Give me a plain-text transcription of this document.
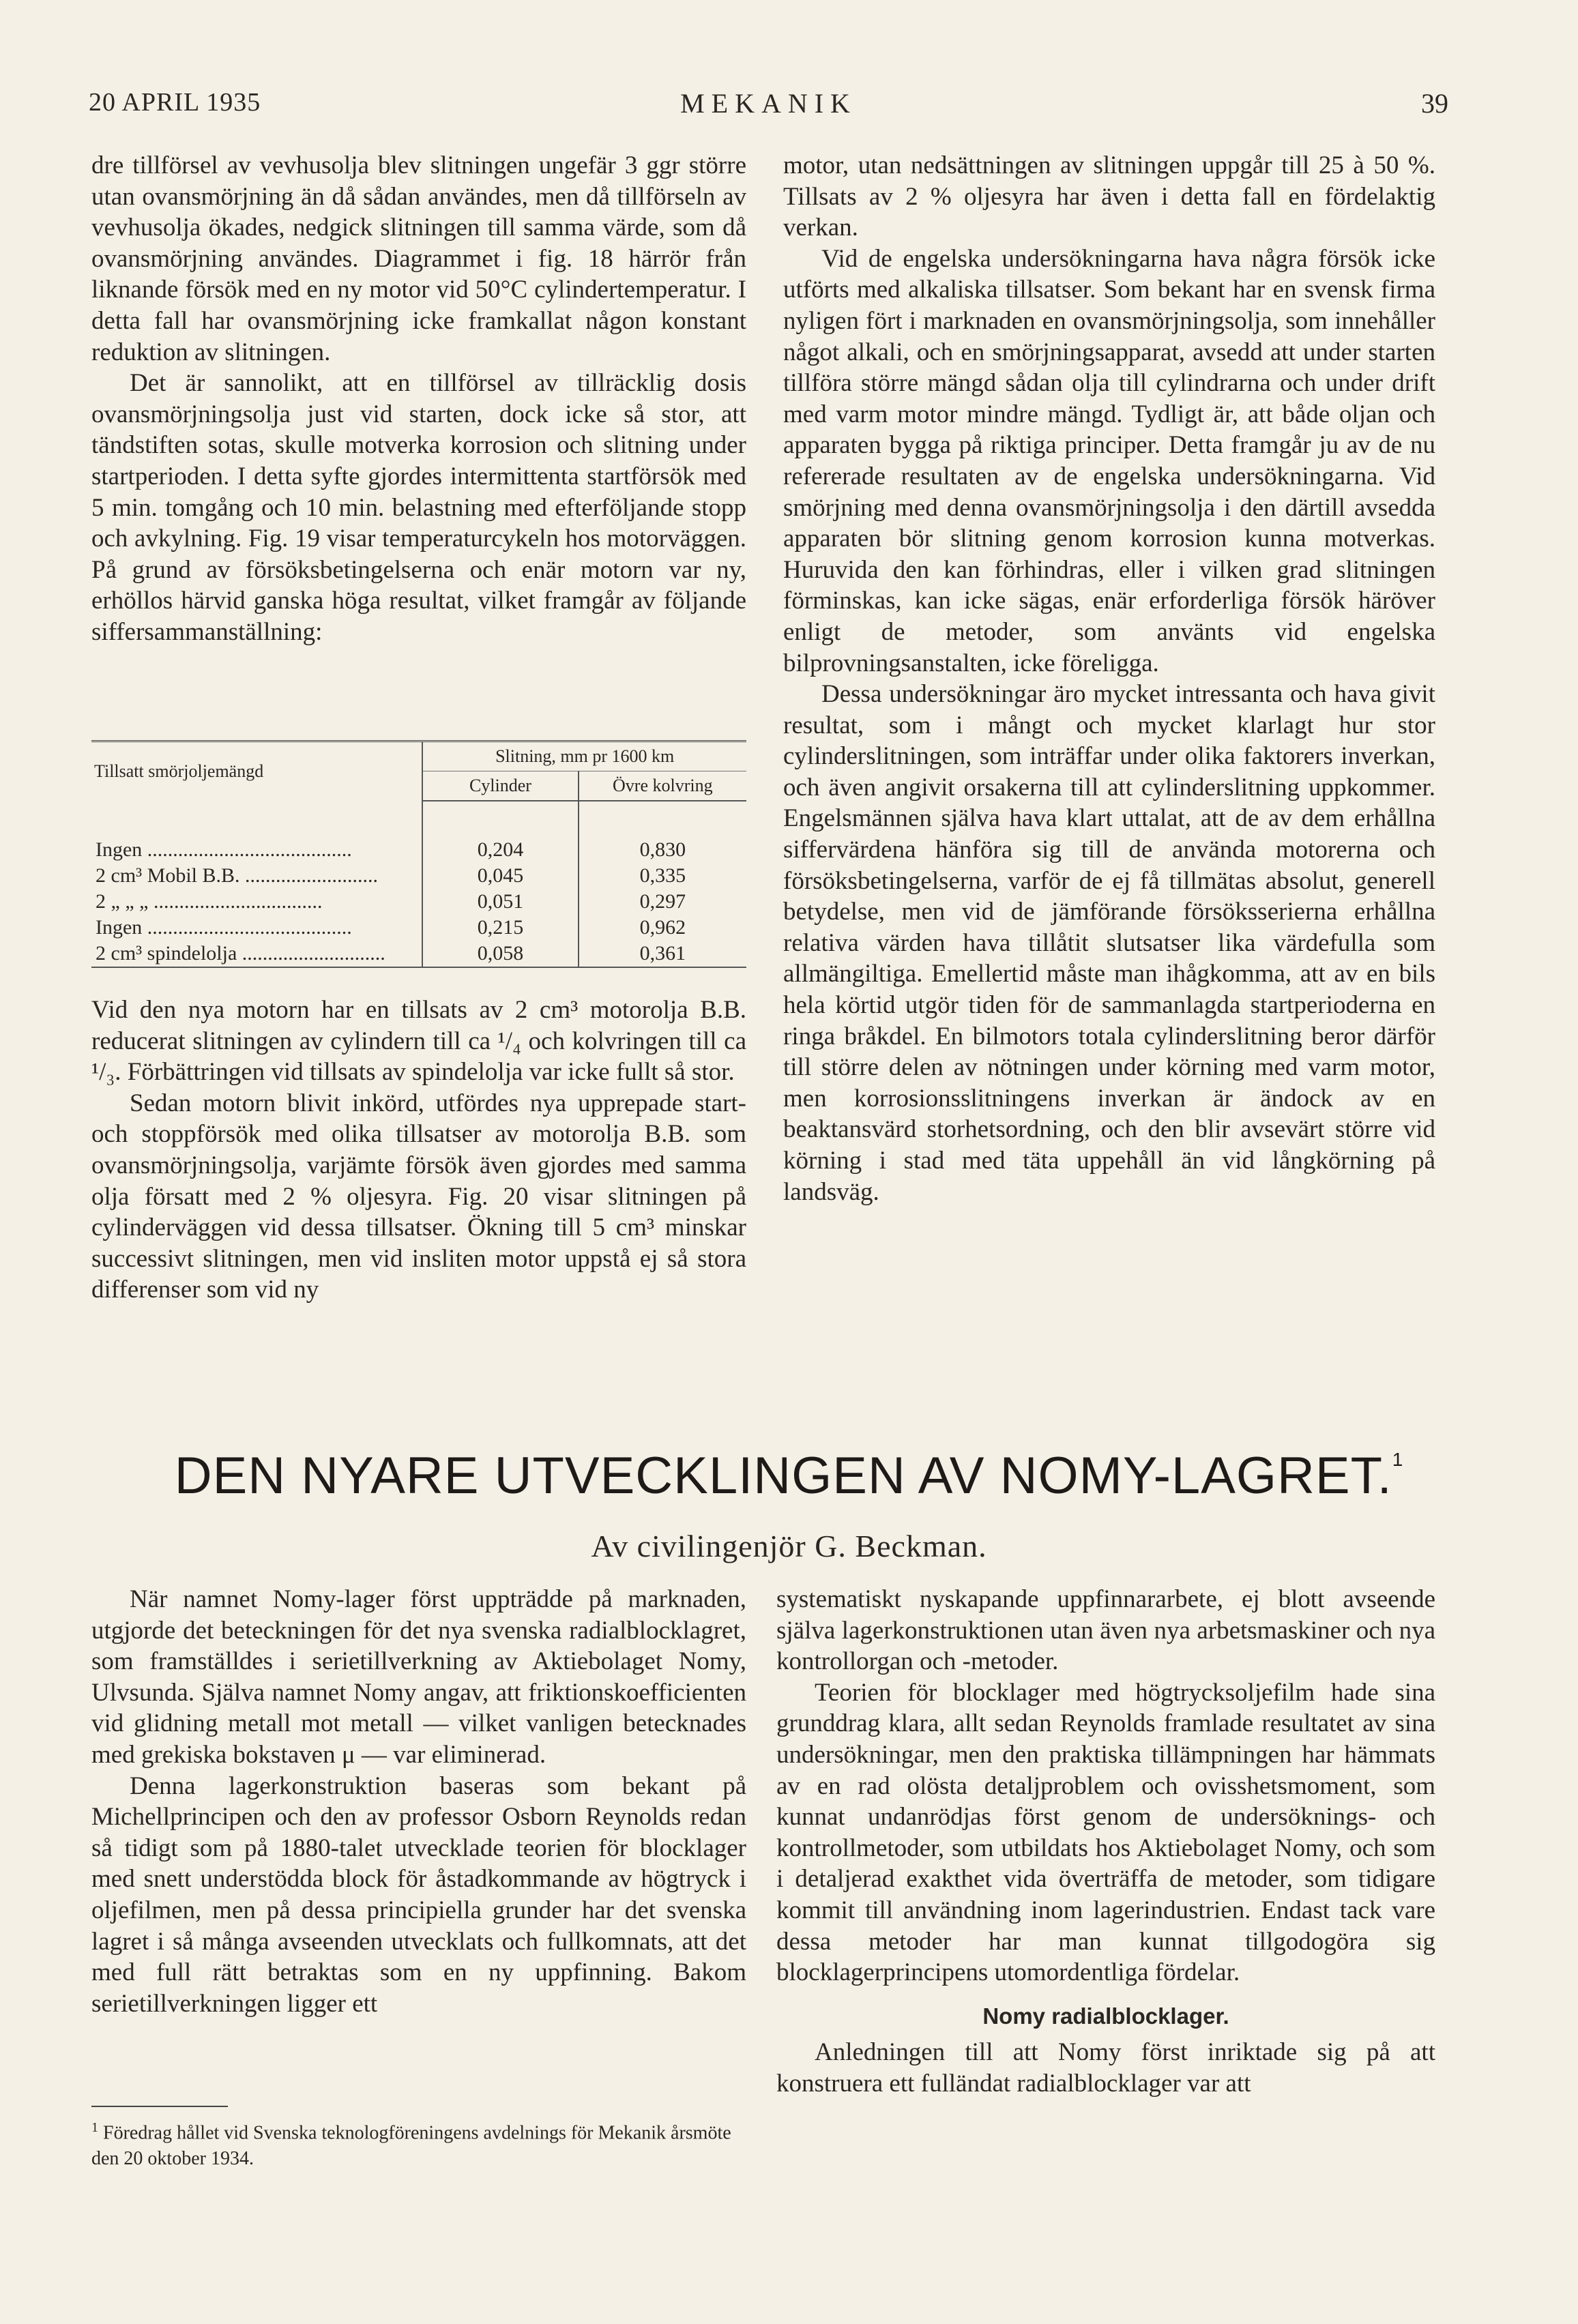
20 APRIL 1935	MEKANIK	39

dre tillförsel av vevhusolja blev slitningen ungefär 3 ggr större utan ovansmörjning än då sådan användes, men då tillförseln av vevhusolja ökades, nedgick slitningen till samma värde, som då ovansmörjning användes. Diagrammet i fig. 18 härrör från liknande försök med en ny motor vid 50°C cylindertemperatur. I detta fall har ovansmörjning icke framkallat någon konstant reduktion av slitningen.

Det är sannolikt, att en tillförsel av tillräcklig dosis ovansmörjningsolja just vid starten, dock icke så stor, att tändstiften sotas, skulle motverka korrosion och slitning under startperioden. I detta syfte gjordes intermittenta startförsök med 5 min. tomgång och 10 min. belastning med efterföljande stopp och avkylning. Fig. 19 visar temperaturcykeln hos motorväggen. På grund av försöksbetingelserna och enär motorn var ny, erhöllos härvid ganska höga resultat, vilket framgår av följande siffersammanställning:

Tillsatt smörjoljemängd	Slitning, mm pr 1600 km	
	Cylinder	Övre kolvring

Ingen ........................................	0,204	0,830
2 cm³ Mobil B.B. ..........................	0,045	0,335
2 „ „ „ .................................	0,051	0,297
Ingen ........................................	0,215	0,962
2 cm³ spindelolja ............................	0,058	0,361

Vid den nya motorn har en tillsats av 2 cm³ motorolja B.B. reducerat slitningen av cylindern till ca ¹/₄ och kolvringen till ca ¹/₃. Förbättringen vid tillsats av spindelolja var icke fullt så stor.

Sedan motorn blivit inkörd, utfördes nya upprepade start- och stoppförsök med olika tillsatser av motorolja B.B. som ovansmörjningsolja, varjämte försök även gjordes med samma olja försatt med 2 % oljesyra. Fig. 20 visar slitningen på cylinderväggen vid dessa tillsatser. Ökning till 5 cm³ minskar successivt slitningen, men vid insliten motor uppstå ej så stora differenser som vid ny

motor, utan nedsättningen av slitningen uppgår till 25 à 50 %. Tillsats av 2 % oljesyra har även i detta fall en fördelaktig verkan.

Vid de engelska undersökningarna hava några försök icke utförts med alkaliska tillsatser. Som bekant har en svensk firma nyligen fört i marknaden en ovansmörjningsolja, som innehåller något alkali, och en smörjningsapparat, avsedd att under starten tillföra större mängd sådan olja till cylindrarna och under drift med varm motor mindre mängd. Tydligt är, att både oljan och apparaten bygga på riktiga principer. Detta framgår ju av de nu refererade resultaten av de engelska undersökningarna. Vid smörjning med denna ovansmörjningsolja i den därtill avsedda apparaten bör slitning genom korrosion kunna motverkas. Huruvida den kan förhindras, eller i vilken grad slitningen förminskas, kan icke sägas, enär erforderliga försök häröver enligt de metoder, som använts vid engelska bilprovningsanstalten, icke föreligga.

Dessa undersökningar äro mycket intressanta och hava givit resultat, som i mångt och mycket klarlagt hur stor cylinderslitningen, som inträffar under olika faktorers inverkan, och även angivit orsakerna till att cylinderslitning uppkommer. Engelsmännen själva hava klart uttalat, att de av dem erhållna siffervärdena hänföra sig till de använda motorerna och försöksbetingelserna, varför de ej få tillmätas absolut, generell betydelse, men vid de jämförande försöksserierna erhållna relativa värden hava tillåtit slutsatser lika värdefulla som allmängiltiga. Emellertid måste man ihågkomma, att av en bils hela körtid utgör tiden för de sammanlagda startperioderna en ringa bråkdel. En bilmotors totala cylinderslitning beror därför till större delen av nötningen under körning med varm motor, men korrosionsslitningens inverkan är ändock av en beaktansvärd storhetsordning, och den blir avsevärt större vid körning i stad med täta uppehåll än vid långkörning på landsväg.

DEN NYARE UTVECKLINGEN AV NOMY-LAGRET.$^1$
Av civilingenjör G. Beckman.

När namnet Nomy-lager först uppträdde på marknaden, utgjorde det beteckningen för det nya svenska radialblocklagret, som framställdes i serietillverkning av Aktiebolaget Nomy, Ulvsunda. Själva namnet Nomy angav, att friktionskoefficienten vid glidning metall mot metall — vilket vanligen betecknades med grekiska bokstaven μ — var eliminerad.

Denna lagerkonstruktion baseras som bekant på Michellprincipen och den av professor Osborn Reynolds redan så tidigt som på 1880-talet utvecklade teorien för blocklager med snett understödda block för åstadkommande av högtryck i oljefilmen, men på dessa principiella grunder har det svenska lagret i så många avseenden utvecklats och fullkomnats, att det med full rätt betraktas som en ny uppfinning. Bakom serietillverkningen ligger ett

systematiskt nyskapande uppfinnararbete, ej blott avseende själva lagerkonstruktionen utan även nya arbetsmaskiner och nya kontrollorgan och -metoder.

Teorien för blocklager med högtrycksoljefilm hade sina grunddrag klara, allt sedan Reynolds framlade resultatet av sina undersökningar, men den praktiska tillämpningen har hämmats av en rad olösta detaljproblem och ovisshetsmoment, som kunnat undanrödjas först genom de undersöknings- och kontrollmetoder, som utbildats hos Aktiebolaget Nomy, och som i detaljerad exakthet vida överträffa de metoder, som tidigare kommit till användning inom lagerindustrien. Endast tack vare dessa metoder har man kunnat tillgodogöra sig blocklagerprincipens utomordentliga fördelar.

Nomy radialblocklager.

Anledningen till att Nomy först inriktade sig på att konstruera ett fulländat radialblocklager var att

$^1$ Föredrag hållet vid Svenska teknologföreningens avdelnings för Mekanik årsmöte den 20 oktober 1934.
